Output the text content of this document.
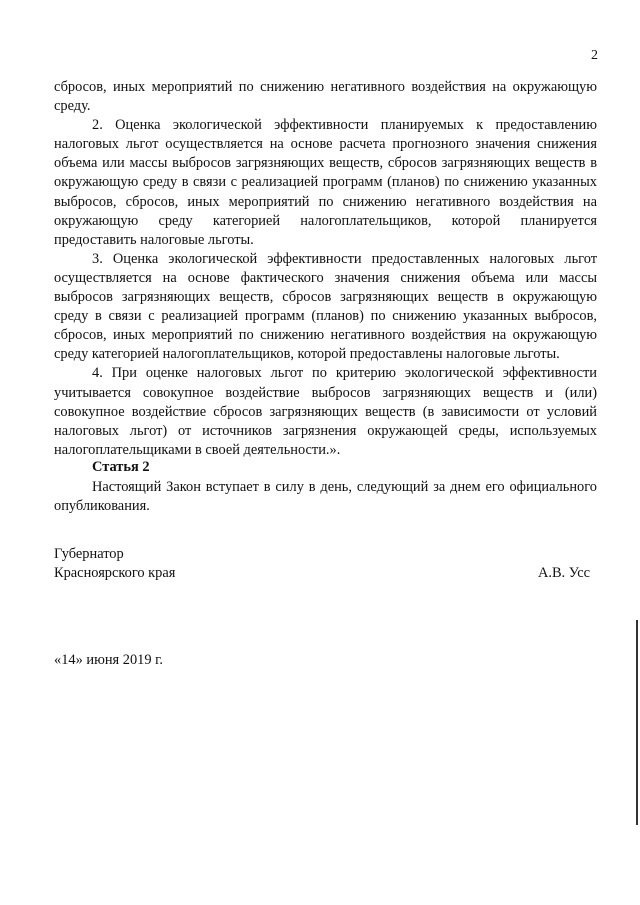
2

сбросов, иных мероприятий по снижению негативного воздействия на окружающую среду.

2. Оценка экологической эффективности планируемых к предоставлению налоговых льгот осуществляется на основе расчета прогнозного значения снижения объема или массы выбросов загрязняющих веществ, сбросов загрязняющих веществ в окружающую среду в связи с реализацией программ (планов) по снижению указанных выбросов, сбросов, иных мероприятий по снижению негативного воздействия на окружающую среду категорией налогоплательщиков, которой планируется предоставить налоговые льготы.

3. Оценка экологической эффективности предоставленных налоговых льгот осуществляется на основе фактического значения снижения объема или массы выбросов загрязняющих веществ, сбросов загрязняющих веществ в окружающую среду в связи с реализацией программ (планов) по снижению указанных выбросов, сбросов, иных мероприятий по снижению негативного воздействия на окружающую среду категорией налогоплательщиков, которой предоставлены налоговые льготы.

4. При оценке налоговых льгот по критерию экологической эффективности учитывается совокупное воздействие выбросов загрязняющих веществ и (или) совокупное воздействие сбросов загрязняющих веществ (в зависимости от условий налоговых льгот) от источников загрязнения окружающей среды, используемых налогоплательщиками в своей деятельности.».

Статья 2

Настоящий Закон вступает в силу в день, следующий за днем его официального опубликования.

Губернатор
Красноярского края	А.В. Усс
«14» июня 2019 г.
